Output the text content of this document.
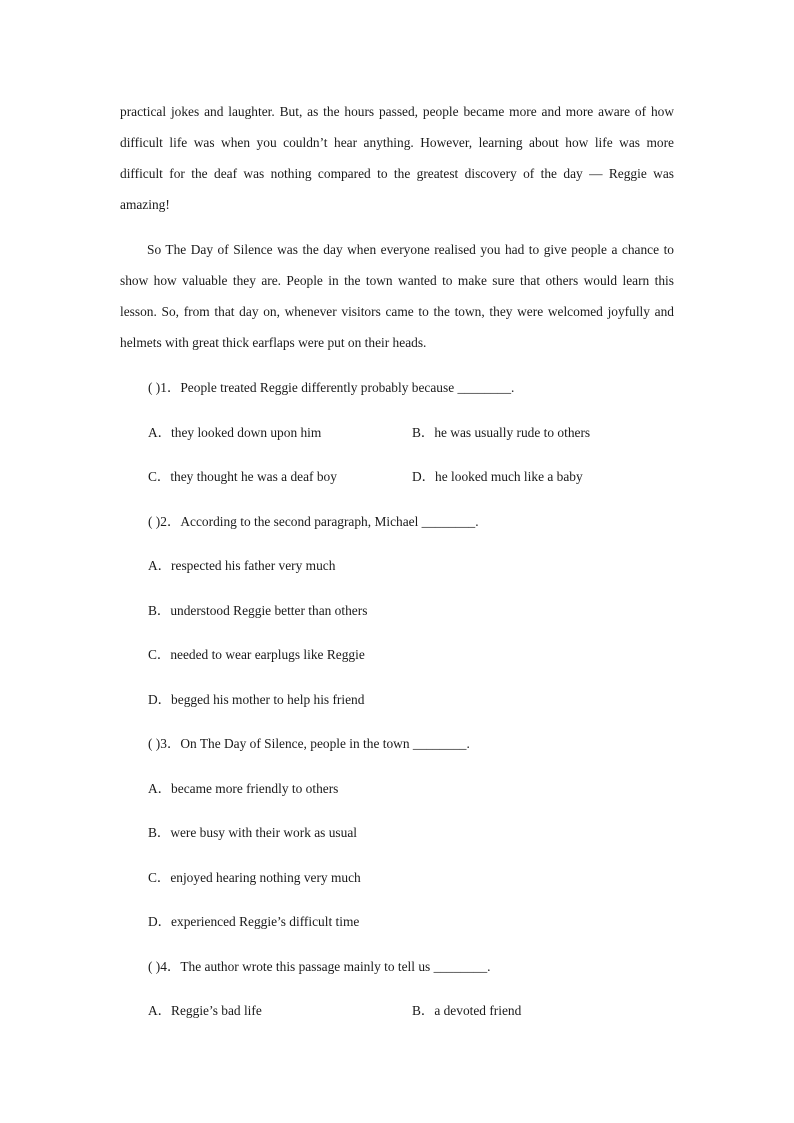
practical jokes and laughter. But, as the hours passed, people became more and more aware of how
difficult life was when you couldn’t hear anything. However, learning about how life was more
difficult for the deaf was nothing compared to the greatest discovery of the day — Reggie was
amazing!
So The Day of Silence was the day when everyone realised you had to give people a chance to
show how valuable they are. People in the town wanted to make sure that others would learn this
lesson. So, from that day on, whenever visitors came to the town, they were welcomed joyfully and
helmets with great thick earflaps were put on their heads.
( )1．People treated Reggie differently probably because ________.
A．they looked down upon him	B．he was usually rude to others
C．they thought he was a deaf boy	D．he looked much like a baby
( )2．According to the second paragraph, Michael ________.
A．respected his father very much
B．understood Reggie better than others
C．needed to wear earplugs like Reggie
D．begged his mother to help his friend
( )3．On The Day of Silence, people in the town ________.
A．became more friendly to others
B．were busy with their work as usual
C．enjoyed hearing nothing very much
D．experienced Reggie’s difficult time
( )4．The author wrote this passage mainly to tell us ________.
A．Reggie’s bad life	B．a devoted friend
